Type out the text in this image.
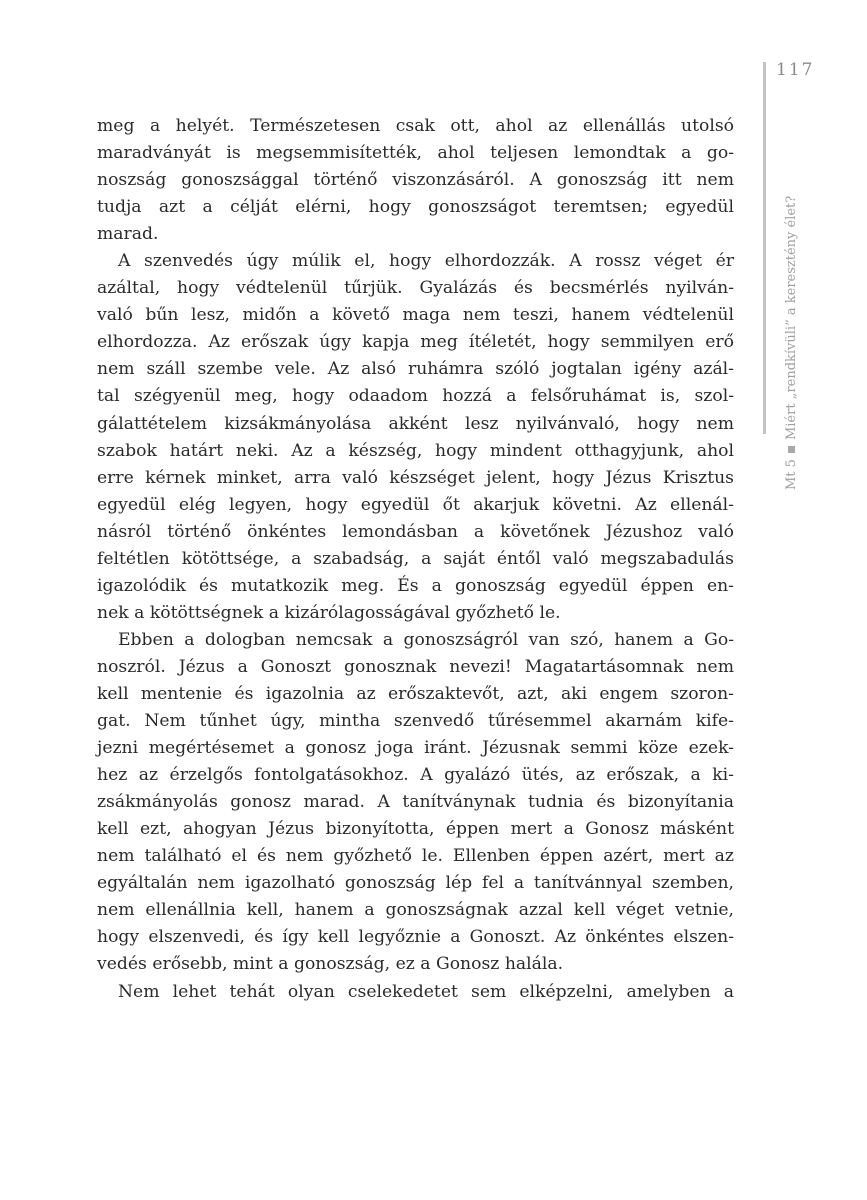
117
Mt 5Miért „rendkívüli” a keresztény élet?
meg a helyét. Természetesen csak ott, ahol az ellenállás utolsó
maradványát is megsemmisítették, ahol teljesen lemondtak a go-
noszság gonoszsággal történő viszonzásáról. A gonoszság itt nem
tudja azt a célját elérni, hogy gonoszságot teremtsen; egyedül
marad.
A szenvedés úgy múlik el, hogy elhordozzák. A rossz véget ér
azáltal, hogy védtelenül tűrjük. Gyalázás és becsmérlés nyilván-
való bűn lesz, midőn a követő maga nem teszi, hanem védtelenül
elhordozza. Az erőszak úgy kapja meg ítéletét, hogy semmilyen erő
nem száll szembe vele. Az alsó ruhámra szóló jogtalan igény azál-
tal szégyenül meg, hogy odaadom hozzá a felsőruhámat is, szol-
gálattételem kizsákmányolása akként lesz nyilvánvaló, hogy nem
szabok határt neki. Az a készség, hogy mindent otthagyjunk, ahol
erre kérnek minket, arra való készséget jelent, hogy Jézus Krisztus
egyedül elég legyen, hogy egyedül őt akarjuk követni. Az ellenál-
násról történő önkéntes lemondásban a követőnek Jézushoz való
feltétlen kötöttsége, a szabadság, a saját éntől való megszabadulás
igazolódik és mutatkozik meg. És a gonoszság egyedül éppen en-
nek a kötöttségnek a kizárólagosságával győzhető le.
Ebben a dologban nemcsak a gonoszságról van szó, hanem a Go-
noszról. Jézus a Gonoszt gonosznak nevezi! Magatartásomnak nem
kell mentenie és igazolnia az erőszaktevőt, azt, aki engem szoron-
gat. Nem tűnhet úgy, mintha szenvedő tűrésemmel akarnám kife-
jezni megértésemet a gonosz joga iránt. Jézusnak semmi köze ezek-
hez az érzelgős fontolgatásokhoz. A gyalázó ütés, az erőszak, a ki-
zsákmányolás gonosz marad. A tanítványnak tudnia és bizonyítania
kell ezt, ahogyan Jézus bizonyította, éppen mert a Gonosz másként
nem található el és nem győzhető le. Ellenben éppen azért, mert az
egyáltalán nem igazolható gonoszság lép fel a tanítvánnyal szemben,
nem ellenállnia kell, hanem a gonoszságnak azzal kell véget vetnie,
hogy elszenvedi, és így kell legyőznie a Gonoszt. Az önkéntes elszen-
vedés erősebb, mint a gonoszság, ez a Gonosz halála.
Nem lehet tehát olyan cselekedetet sem elképzelni, amelyben a
